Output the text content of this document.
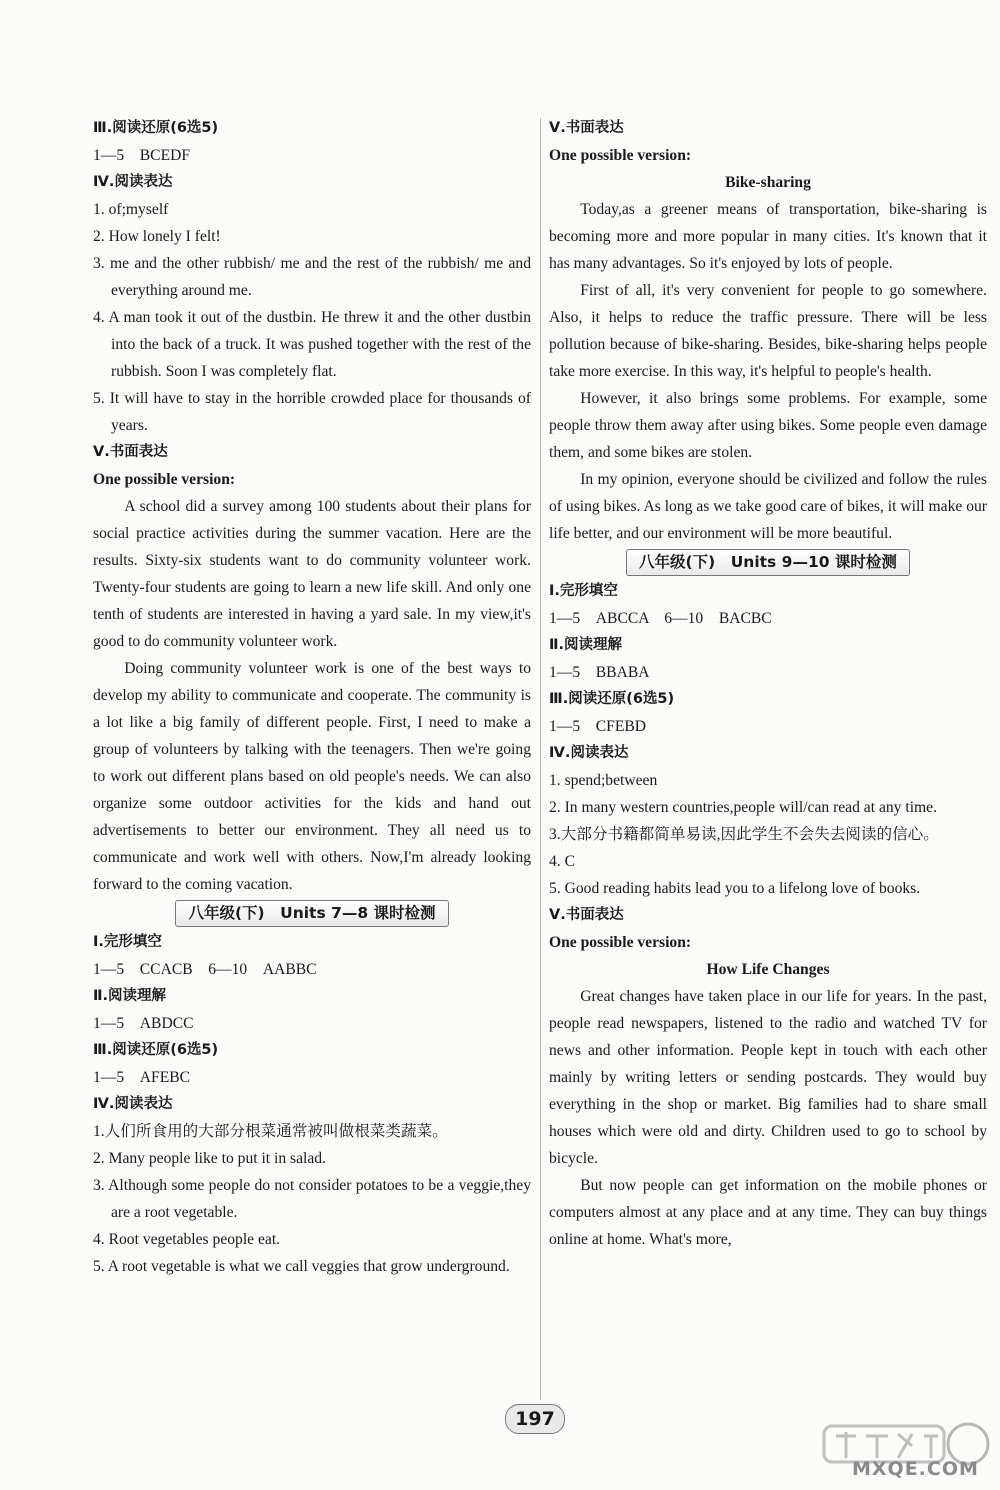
Ⅲ.阅读还原(6选5)
1—5　BCEDF
Ⅳ.阅读表达
1. of;myself
2. How lonely I felt!
3. me and the other rubbish/ me and the rest of the rubbish/ me and everything around me.
4. A man took it out of the dustbin. He threw it and the other dustbin into the back of a truck. It was pushed together with the rest of the rubbish. Soon I was completely flat.
5. It will have to stay in the horrible crowded place for thousands of years.
Ⅴ.书面表达
One possible version:
A school did a survey among 100 students about their plans for social practice activities during the summer vacation. Here are the results. Sixty-six students want to do community volunteer work. Twenty-four students are going to learn a new life skill. And only one tenth of students are interested in having a yard sale. In my view,it's good to do community volunteer work.
Doing community volunteer work is one of the best ways to develop my ability to communicate and cooperate. The community is a lot like a big family of different people. First, I need to make a group of volunteers by talking with the teenagers. Then we're going to work out different plans based on old people's needs. We can also organize some outdoor activities for the kids and hand out advertisements to better our environment. They all need us to communicate and work well with others. Now,I'm already looking forward to the coming vacation.
八年级(下)　Units 7—8 课时检测
Ⅰ.完形填空
1—5　CCACB　6—10　AABBC
Ⅱ.阅读理解
1—5　ABDCC
Ⅲ.阅读还原(6选5)
1—5　AFEBC
Ⅳ.阅读表达
1.人们所食用的大部分根菜通常被叫做根菜类蔬菜。
2. Many people like to put it in salad.
3. Although some people do not consider potatoes to be a veggie,they are a root vegetable.
4. Root vegetables people eat.
5. A root vegetable is what we call veggies that grow underground.
Ⅴ.书面表达
One possible version:
Bike-sharing
Today,as a greener means of transportation, bike-sharing is becoming more and more popular in many cities. It's known that it has many advantages. So it's enjoyed by lots of people.
First of all, it's very convenient for people to go somewhere. Also, it helps to reduce the traffic pressure. There will be less pollution because of bike-sharing. Besides, bike-sharing helps people take more exercise. In this way, it's helpful to people's health.
However, it also brings some problems. For example, some people throw them away after using bikes. Some people even damage them, and some bikes are stolen.
In my opinion, everyone should be civilized and follow the rules of using bikes. As long as we take good care of bikes, it will make our life better, and our environment will be more beautiful.
八年级(下)　Units 9—10 课时检测
Ⅰ.完形填空
1—5　ABCCA　6—10　BACBC
Ⅱ.阅读理解
1—5　BBABA
Ⅲ.阅读还原(6选5)
1—5　CFEBD
Ⅳ.阅读表达
1. spend;between
2. In many western countries,people will/can read at any time.
3.大部分书籍都简单易读,因此学生不会失去阅读的信心。
4. C
5. Good reading habits lead you to a lifelong love of books.
Ⅴ.书面表达
One possible version:
How Life Changes
Great changes have taken place in our life for years. In the past, people read newspapers, listened to the radio and watched TV for news and other information. People kept in touch with each other mainly by writing letters or sending postcards. They would buy everything in the shop or market. Big families had to share small houses which were old and dirty. Children used to go to school by bicycle.
But now people can get information on the mobile phones or computers almost at any place and at any time. They can buy things online at home. What's more,
197
MXQE.COM
